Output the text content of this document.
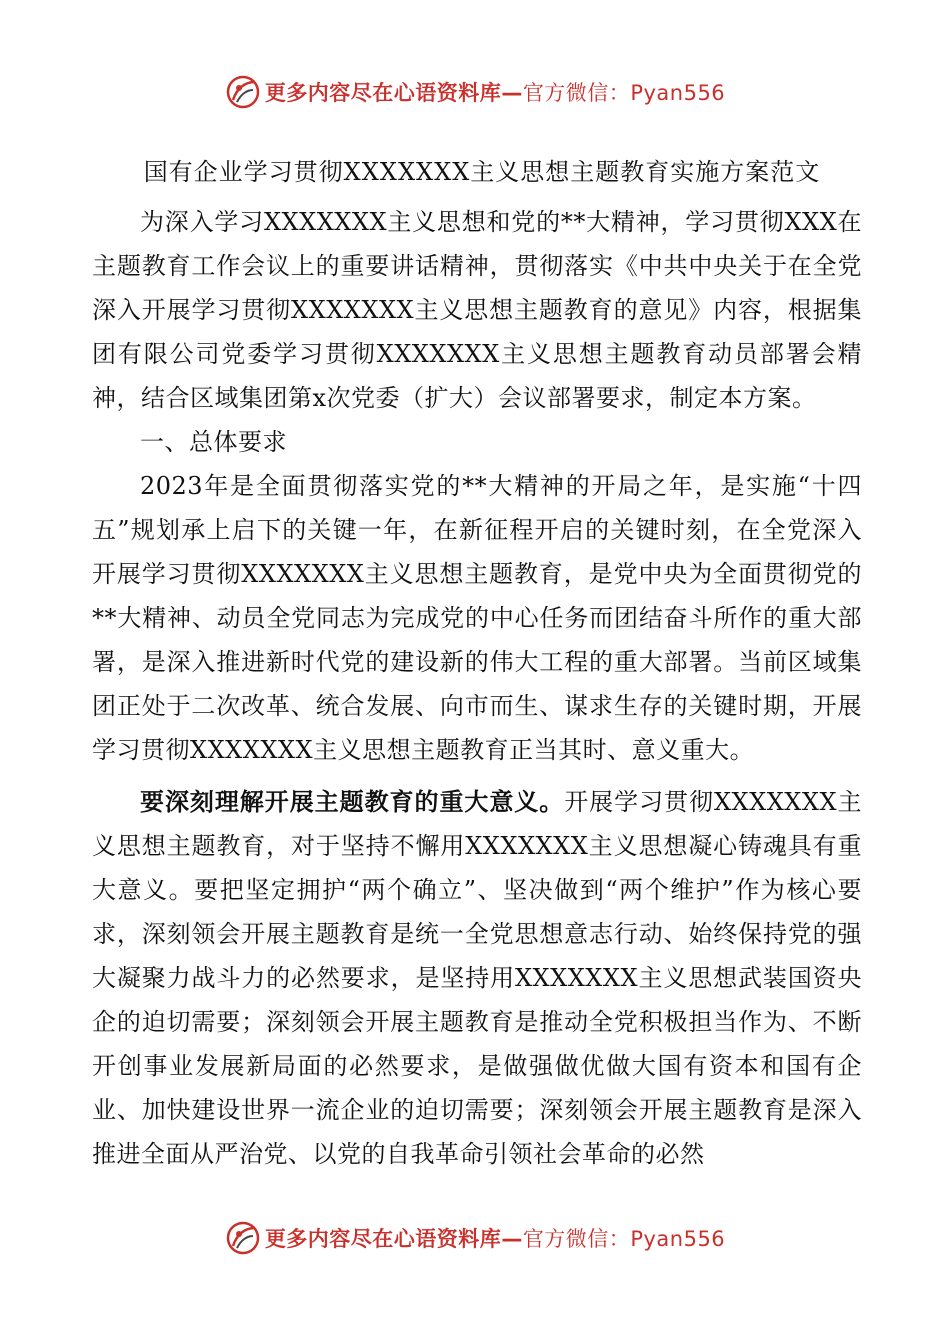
更多内容尽在心语资料库—官方微信：Pyan556
国有企业学习贯彻XXXXXXX主义思想主题教育实施方案范文

为深入学习XXXXXXX主义思想和党的**大精神，学习贯彻XXX在主题教育工作会议上的重要讲话精神，贯彻落实《中共中央关于在全党深入开展学习贯彻XXXXXXX主义思想主题教育的意见》内容，根据集团有限公司党委学习贯彻XXXXXXX主义思想主题教育动员部署会精神，结合区域集团第x次党委（扩大）会议部署要求，制定本方案。

一、总体要求

2023年是全面贯彻落实党的**大精神的开局之年，是实施“十四五”规划承上启下的关键一年，在新征程开启的关键时刻，在全党深入开展学习贯彻XXXXXXX主义思想主题教育，是党中央为全面贯彻党的**大精神、动员全党同志为完成党的中心任务而团结奋斗所作的重大部署，是深入推进新时代党的建设新的伟大工程的重大部署。当前区域集团正处于二次改革、统合发展、向市而生、谋求生存的关键时期，开展学习贯彻XXXXXXX主义思想主题教育正当其时、意义重大。

要深刻理解开展主题教育的重大意义。开展学习贯彻XXXXXXX主义思想主题教育，对于坚持不懈用XXXXXXX主义思想凝心铸魂具有重大意义。要把坚定拥护“两个确立”、坚决做到“两个维护”作为核心要求，深刻领会开展主题教育是统一全党思想意志行动、始终保持党的强大凝聚力战斗力的必然要求，是坚持用XXXXXXX主义思想武装国资央企的迫切需要；深刻领会开展主题教育是推动全党积极担当作为、不断开创事业发展新局面的必然要求，是做强做优做大国有资本和国有企业、加快建设世界一流企业的迫切需要；深刻领会开展主题教育是深入推进全面从严治党、以党的自我革命引领社会革命的必然

更多内容尽在心语资料库—官方微信：Pyan556
